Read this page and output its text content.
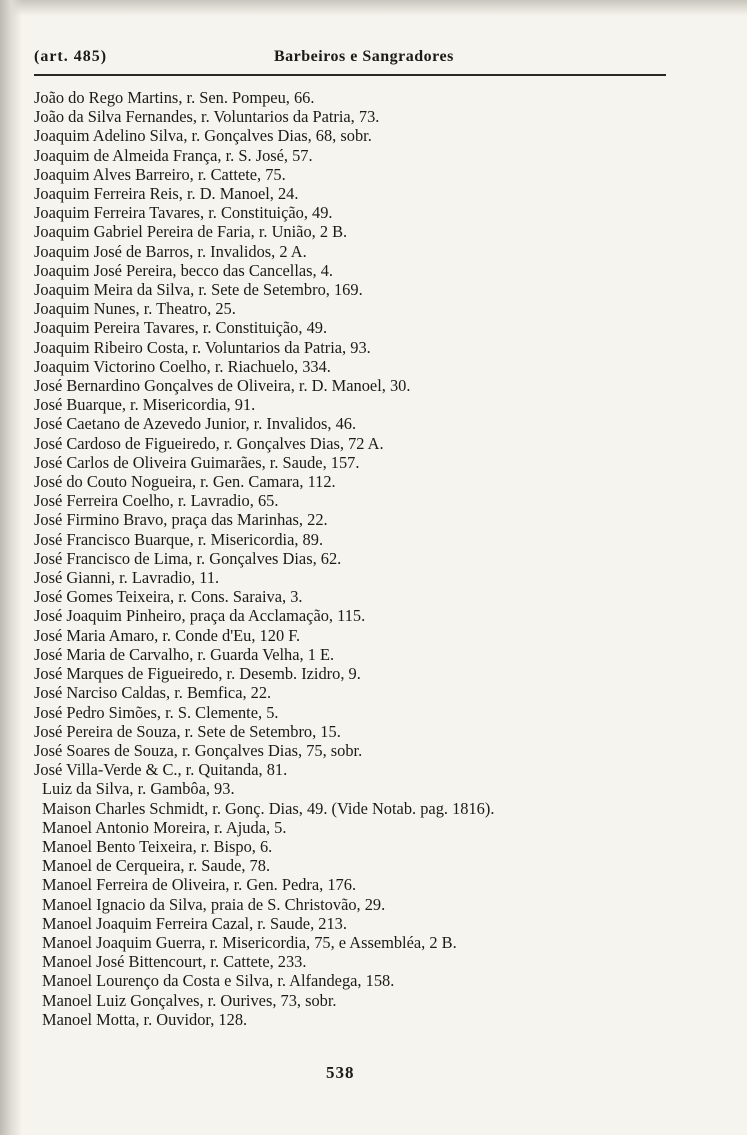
(art. 485)	Barbeiros e Sangradores
João do Rego Martins, r. Sen. Pompeu, 66.
João da Silva Fernandes, r. Voluntarios da Patria, 73.
Joaquim Adelino Silva, r. Gonçalves Dias, 68, sobr.
Joaquim de Almeida França, r. S. José, 57.
Joaquim Alves Barreiro, r. Cattete, 75.
Joaquim Ferreira Reis, r. D. Manoel, 24.
Joaquim Ferreira Tavares, r. Constituição, 49.
Joaquim Gabriel Pereira de Faria, r. União, 2 B.
Joaquim José de Barros, r. Invalidos, 2 A.
Joaquim José Pereira, becco das Cancellas, 4.
Joaquim Meira da Silva, r. Sete de Setembro, 169.
Joaquim Nunes, r. Theatro, 25.
Joaquim Pereira Tavares, r. Constituição, 49.
Joaquim Ribeiro Costa, r. Voluntarios da Patria, 93.
Joaquim Victorino Coelho, r. Riachuelo, 334.
José Bernardino Gonçalves de Oliveira, r. D. Manoel, 30.
José Buarque, r. Misericordia, 91.
José Caetano de Azevedo Junior, r. Invalidos, 46.
José Cardoso de Figueiredo, r. Gonçalves Dias, 72 A.
José Carlos de Oliveira Guimarães, r. Saude, 157.
José do Couto Nogueira, r. Gen. Camara, 112.
José Ferreira Coelho, r. Lavradio, 65.
José Firmino Bravo, praça das Marinhas, 22.
José Francisco Buarque, r. Misericordia, 89.
José Francisco de Lima, r. Gonçalves Dias, 62.
José Gianni, r. Lavradio, 11.
José Gomes Teixeira, r. Cons. Saraiva, 3.
José Joaquim Pinheiro, praça da Acclamação, 115.
José Maria Amaro, r. Conde d'Eu, 120 F.
José Maria de Carvalho, r. Guarda Velha, 1 E.
José Marques de Figueiredo, r. Desemb. Izidro, 9.
José Narciso Caldas, r. Bemfica, 22.
José Pedro Simões, r. S. Clemente, 5.
José Pereira de Souza, r. Sete de Setembro, 15.
José Soares de Souza, r. Gonçalves Dias, 75, sobr.
José Villa-Verde & C., r. Quitanda, 81.
Luiz da Silva, r. Gambôa, 93.
Maison Charles Schmidt, r. Gonç. Dias, 49. (Vide Notab. pag. 1816).
Manoel Antonio Moreira, r. Ajuda, 5.
Manoel Bento Teixeira, r. Bispo, 6.
Manoel de Cerqueira, r. Saude, 78.
Manoel Ferreira de Oliveira, r. Gen. Pedra, 176.
Manoel Ignacio da Silva, praia de S. Christovão, 29.
Manoel Joaquim Ferreira Cazal, r. Saude, 213.
Manoel Joaquim Guerra, r. Misericordia, 75, e Assembléa, 2 B.
Manoel José Bittencourt, r. Cattete, 233.
Manoel Lourenço da Costa e Silva, r. Alfandega, 158.
Manoel Luiz Gonçalves, r. Ourives, 73, sobr.
Manoel Motta, r. Ouvidor, 128.
538
